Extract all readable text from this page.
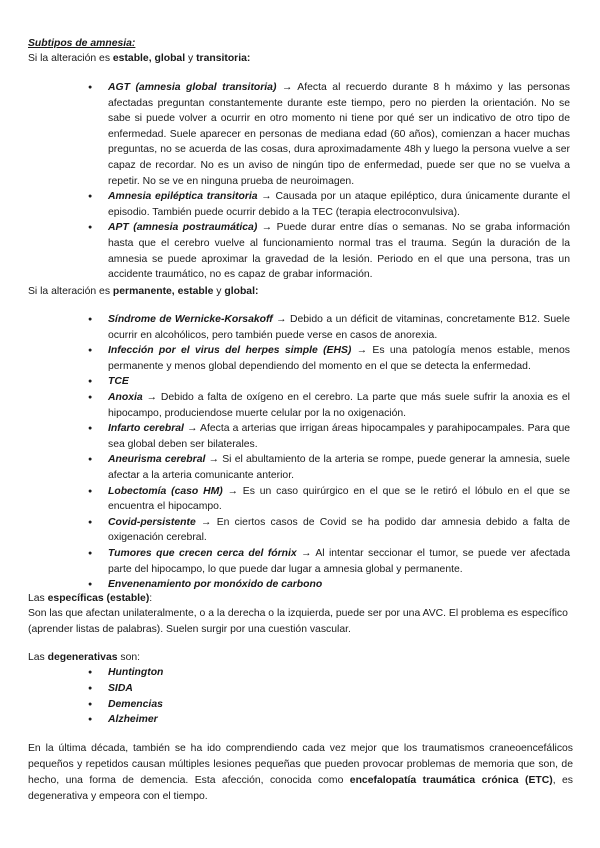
Subtipos de amnesia:

Si la alteración es estable, global y transitoria:

● AGT (amnesia global transitoria) → Afecta al recuerdo durante 8 h máximo y las personas afectadas preguntan constantemente durante este tiempo, pero no pierden la orientación. No se sabe si puede volver a ocurrir en otro momento ni tiene por qué ser un indicativo de otro tipo de enfermedad. Suele aparecer en personas de mediana edad (60 años), comienzan a hacer muchas preguntas, no se acuerda de las cosas, dura aproximadamente 48h y luego la persona vuelve a ser capaz de recordar. No es un aviso de ningún tipo de enfermedad, puede ser que no se vuelva a repetir. No se ve en ninguna prueba de neuroimagen.
● Amnesia epiléptica transitoria → Causada por un ataque epiléptico, dura únicamente durante el episodio. También puede ocurrir debido a la TEC (terapia electroconvulsiva).
● APT (amnesia postraumática) → Puede durar entre días o semanas. No se graba información hasta que el cerebro vuelve al funcionamiento normal tras el trauma. Según la duración de la amnesia se puede aproximar la gravedad de la lesión. Periodo en el que una persona, tras un accidente traumático, no es capaz de grabar información.

Si la alteración es permanente, estable y global:

● Síndrome de Wernicke-Korsakoff → Debido a un déficit de vitaminas, concretamente B12. Suele ocurrir en alcohólicos, pero también puede verse en casos de anorexia.
● Infección por el virus del herpes simple (EHS) → Es una patología menos estable, menos permanente y menos global dependiendo del momento en el que se detecta la enfermedad.
● TCE
● Anoxia → Debido a falta de oxígeno en el cerebro. La parte que más suele sufrir la anoxia es el hipocampo, produciendose muerte celular por la no oxigenación.
● Infarto cerebral → Afecta a arterias que irrigan áreas hipocampales y parahipocampales. Para que sea global deben ser bilaterales.
● Aneurisma cerebral → Si el abultamiento de la arteria se rompe, puede generar la amnesia, suele afectar a la arteria comunicante anterior.
● Lobectomía (caso HM) → Es un caso quirúrgico en el que se le retiró el lóbulo en el que se encuentra el hipocampo.
● Covid-persistente → En ciertos casos de Covid se ha podido dar amnesia debido a falta de oxigenación cerebral.
● Tumores que crecen cerca del fórnix → Al intentar seccionar el tumor, se puede ver afectada parte del hipocampo, lo que puede dar lugar a amnesia global y permanente.
● Envenenamiento por monóxido de carbono

Las específicas (estable):

Son las que afectan unilateralmente, o a la derecha o la izquierda, puede ser por una AVC. El problema es específico (aprender listas de palabras). Suelen surgir por una cuestión vascular.

Las degenerativas son:

● Huntington
● SIDA
● Demencias
● Alzheimer

En la última década, también se ha ido comprendiendo cada vez mejor que los traumatismos craneoencefálicos pequeños y repetidos causan múltiples lesiones pequeñas que pueden provocar problemas de memoria que son, de hecho, una forma de demencia. Esta afección, conocida como encefalopatía traumática crónica (ETC), es degenerativa y empeora con el tiempo.
